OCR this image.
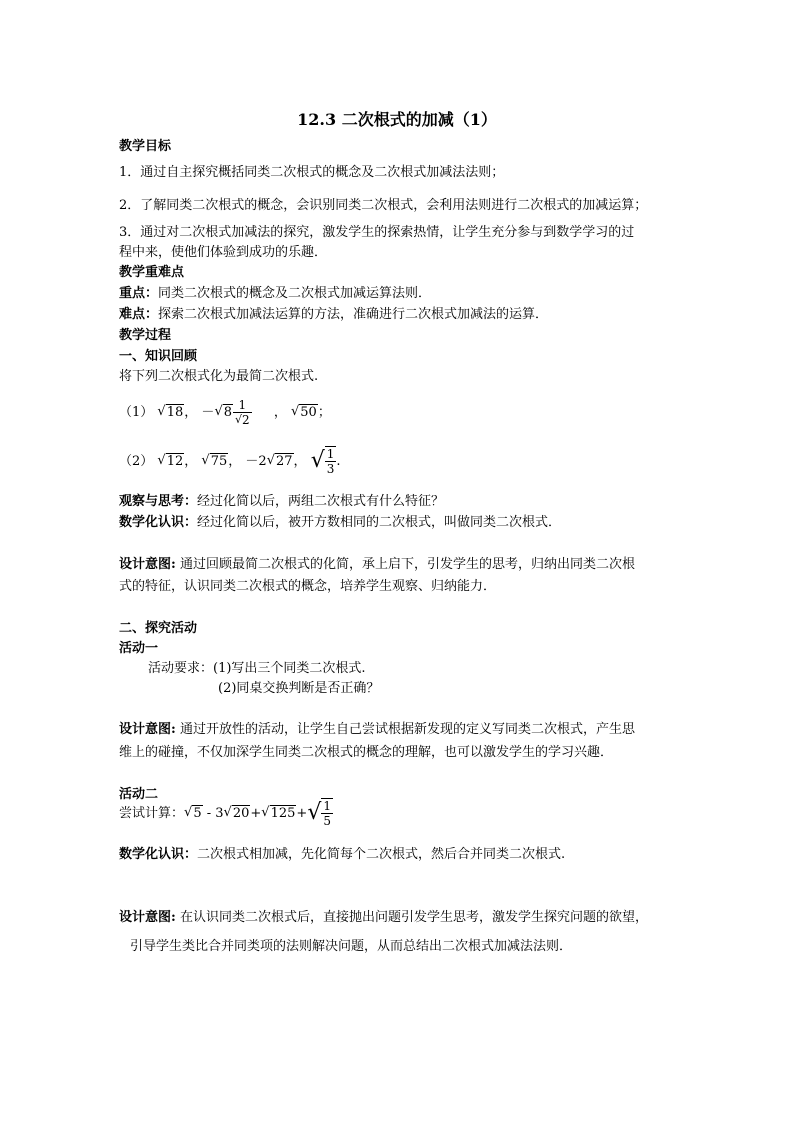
12.3 二次根式的加减（1）
教学目标
1．通过自主探究概括同类二次根式的概念及二次根式加减法法则；
2．了解同类二次根式的概念，会识别同类二次根式，会利用法则进行二次根式的加减运算；
3．通过对二次根式加减法的探究，激发学生的探索热情，让学生充分参与到数学学习的过
程中来，使他们体验到成功的乐趣．
教学重难点
重点：同类二次根式的概念及二次根式加减运算法则．
难点：探索二次根式加减法运算的方法，准确进行二次根式加减法的运算．
教学过程
一、知识回顾
将下列二次根式化为最简二次根式.
（1） √18， $-√8 \frac{1}{√2}$ ， √50；
（2） √12， √75， －2√27， √ $\frac{1}{3}$ .
观察与思考：经过化简以后，两组二次根式有什么特征？
数学化认识：经过化简以后，被开方数相同的二次根式，叫做同类二次根式．
设计意图: 通过回顾最简二次根式的化简，承上启下，引发学生的思考，归纳出同类二次根
式的特征，认识同类二次根式的概念，培养学生观察、归纳能力．
二、探究活动
活动一
活动要求：(1)写出三个同类二次根式.
(2)同桌交换判断是否正确？
设计意图: 通过开放性的活动，让学生自己尝试根据新发现的定义写同类二次根式，产生思
维上的碰撞，不仅加深学生同类二次根式的概念的理解，也可以激发学生的学习兴趣．
活动二
尝试计算：$√5 - 3√20+√125+√ \frac{1}{5}$
数学化认识：二次根式相加减，先化简每个二次根式，然后合并同类二次根式.
设计意图: 在认识同类二次根式后，直接抛出问题引发学生思考，激发学生探究问题的欲望，
引导学生类比合并同类项的法则解决问题，从而总结出二次根式加减法法则．
